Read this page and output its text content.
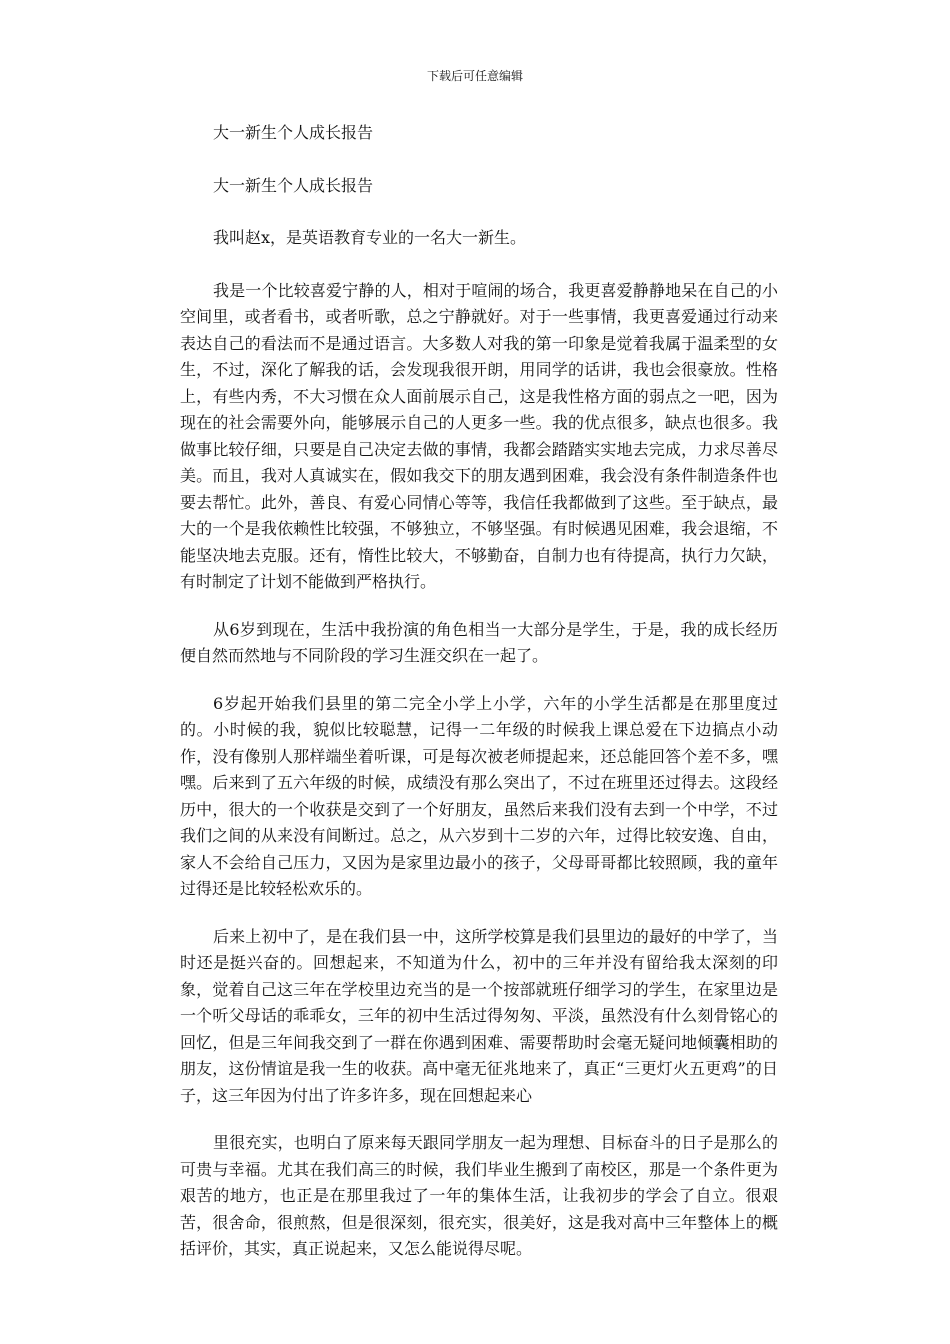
下载后可任意编辑

大一新生个人成长报告

大一新生个人成长报告

我叫赵x，是英语教育专业的一名大一新生。

我是一个比较喜爱宁静的人，相对于喧闹的场合，我更喜爱静静地呆在自己的小空间里，或者看书，或者听歌，总之宁静就好。对于一些事情，我更喜爱通过行动来表达自己的看法而不是通过语言。大多数人对我的第一印象是觉着我属于温柔型的女生，不过，深化了解我的话，会发现我很开朗，用同学的话讲，我也会很豪放。性格上，有些内秀，不大习惯在众人面前展示自己，这是我性格方面的弱点之一吧，因为现在的社会需要外向，能够展示自己的人更多一些。我的优点很多，缺点也很多。我做事比较仔细，只要是自己决定去做的事情，我都会踏踏实实地去完成，力求尽善尽美。而且，我对人真诚实在，假如我交下的朋友遇到困难，我会没有条件制造条件也要去帮忙。此外，善良、有爱心同情心等等，我信任我都做到了这些。至于缺点，最大的一个是我依赖性比较强，不够独立，不够坚强。有时候遇见困难，我会退缩，不能坚决地去克服。还有，惰性比较大，不够勤奋，自制力也有待提高，执行力欠缺，有时制定了计划不能做到严格执行。

从6岁到现在，生活中我扮演的角色相当一大部分是学生，于是，我的成长经历便自然而然地与不同阶段的学习生涯交织在一起了。

6岁起开始我们县里的第二完全小学上小学，六年的小学生活都是在那里度过的。小时候的我，貌似比较聪慧，记得一二年级的时候我上课总爱在下边搞点小动作，没有像别人那样端坐着听课，可是每次被老师提起来，还总能回答个差不多，嘿嘿。后来到了五六年级的时候，成绩没有那么突出了，不过在班里还过得去。这段经历中，很大的一个收获是交到了一个好朋友，虽然后来我们没有去到一个中学，不过我们之间的从来没有间断过。总之，从六岁到十二岁的六年，过得比较安逸、自由，家人不会给自己压力，又因为是家里边最小的孩子，父母哥哥都比较照顾，我的童年过得还是比较轻松欢乐的。

后来上初中了，是在我们县一中，这所学校算是我们县里边的最好的中学了，当时还是挺兴奋的。回想起来，不知道为什么，初中的三年并没有留给我太深刻的印象，觉着自己这三年在学校里边充当的是一个按部就班仔细学习的学生，在家里边是一个听父母话的乖乖女，三年的初中生活过得匆匆、平淡，虽然没有什么刻骨铭心的回忆，但是三年间我交到了一群在你遇到困难、需要帮助时会毫无疑问地倾囊相助的朋友，这份情谊是我一生的收获。高中毫无征兆地来了，真正“三更灯火五更鸡”的日子，这三年因为付出了许多许多，现在回想起来心

里很充实，也明白了原来每天跟同学朋友一起为理想、目标奋斗的日子是那么的可贵与幸福。尤其在我们高三的时候，我们毕业生搬到了南校区，那是一个条件更为艰苦的地方，也正是在那里我过了一年的集体生活，让我初步的学会了自立。很艰苦，很舍命，很煎熬，但是很深刻，很充实，很美好，这是我对高中三年整体上的概括评价，其实，真正说起来，又怎么能说得尽呢。
